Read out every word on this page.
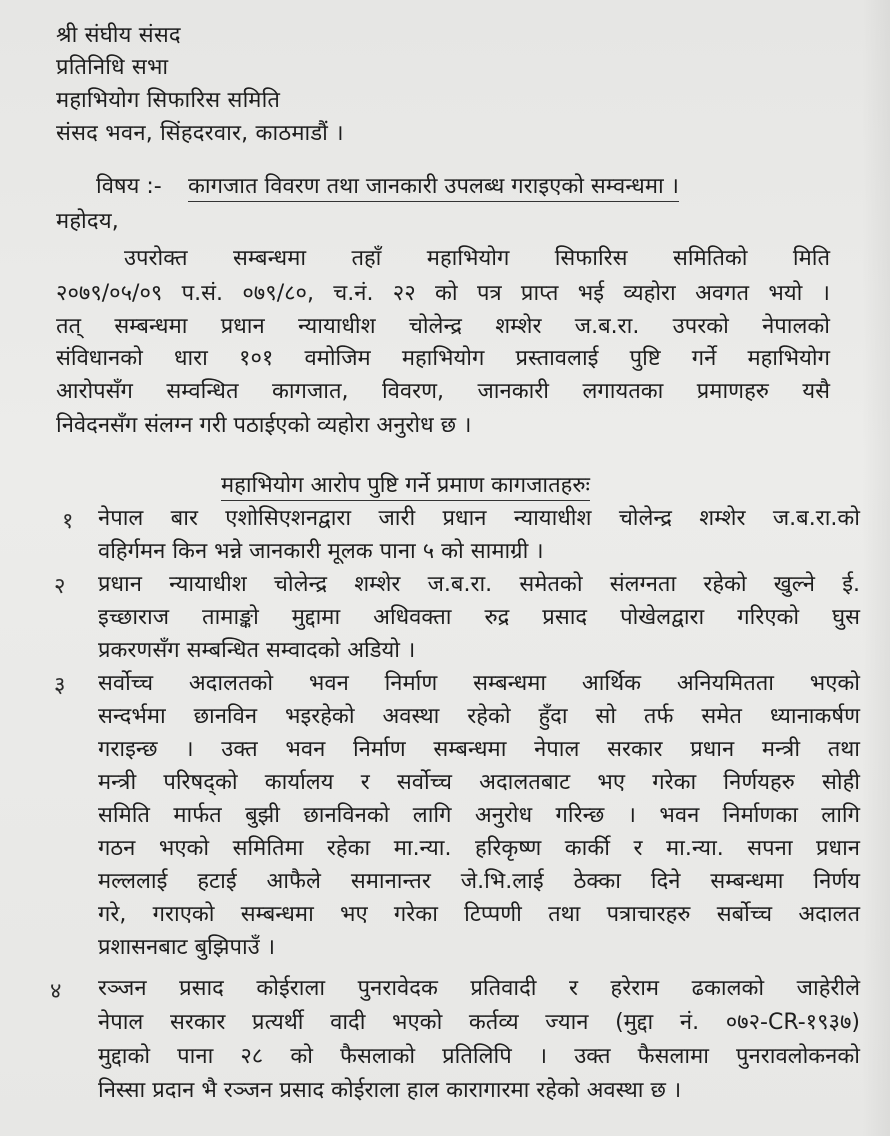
श्री संघीय संसद
प्रतिनिधि सभा
महाभियोग सिफारिस समिति
संसद भवन, सिंहदरवार, काठमाडौं ।
विषय :- कागजात विवरण तथा जानकारी उपलब्ध गराइएको सम्वन्धमा ।
महोदय,
उपरोक्त सम्बन्धमा तहाँ महाभियोग सिफारिस समितिको मिति
२०७९/०५/०९ प.सं. ०७९/८०, च.नं. २२ को पत्र प्राप्त भई व्यहोरा अवगत भयो ।
तत् सम्बन्धमा प्रधान न्यायाधीश चोलेन्द्र शम्शेर ज.ब.रा. उपरको नेपालको
संविधानको धारा १०१ वमोजिम महाभियोग प्रस्तावलाई पुष्टि गर्ने महाभियोग
आरोपसँग सम्वन्धित कागजात, विवरण, जानकारी लगायतका प्रमाणहरु यसै
निवेदनसँग संलग्न गरी पठाईएको व्यहोरा अनुरोध छ ।
महाभियोग आरोप पुष्टि गर्ने प्रमाण कागजातहरुः
१ नेपाल बार एशोसिएशनद्वारा जारी प्रधान न्यायाधीश चोलेन्द्र शम्शेर ज.ब.रा.को
वहिर्गमन किन भन्ने जानकारी मूलक पाना ५ को सामाग्री ।
२ प्रधान न्यायाधीश चोलेन्द्र शम्शेर ज.ब.रा. समेतको संलग्नता रहेको खुल्ने ई.
इच्छाराज तामाङ्को मुद्दामा अधिवक्ता रुद्र प्रसाद पोखेलद्वारा गरिएको घुस
प्रकरणसँग सम्बन्धित सम्वादको अडियो ।
३ सर्वोच्च अदालतको भवन निर्माण सम्बन्धमा आर्थिक अनियमितता भएको
सन्दर्भमा छानविन भइरहेको अवस्था रहेको हुँदा सो तर्फ समेत ध्यानाकर्षण
गराइन्छ । उक्त भवन निर्माण सम्बन्धमा नेपाल सरकार प्रधान मन्त्री तथा
मन्त्री परिषद्को कार्यालय र सर्वोच्च अदालतबाट भए गरेका निर्णयहरु सोही
समिति मार्फत बुझी छानविनको लागि अनुरोध गरिन्छ । भवन निर्माणका लागि
गठन भएको समितिमा रहेका मा.न्या. हरिकृष्ण कार्की र मा.न्या. सपना प्रधान
मल्ललाई हटाई आफैले समानान्तर जे.भि.लाई ठेक्का दिने सम्बन्धमा निर्णय
गरे, गराएको सम्बन्धमा भए गरेका टिप्पणी तथा पत्राचारहरु सर्बोच्च अदालत
प्रशासनबाट बुझिपाउँ ।
४ रञ्जन प्रसाद कोईराला पुनरावेदक प्रतिवादी र हरेराम ढकालको जाहेरीले
नेपाल सरकार प्रत्यर्थी वादी भएको कर्तव्य ज्यान (मुद्दा नं. ०७२-CR-१९३७)
मुद्दाको पाना २८ को फैसलाको प्रतिलिपि । उक्त फैसलामा पुनरावलोकनको
निस्सा प्रदान भै रञ्जन प्रसाद कोईराला हाल कारागारमा रहेको अवस्था छ ।
